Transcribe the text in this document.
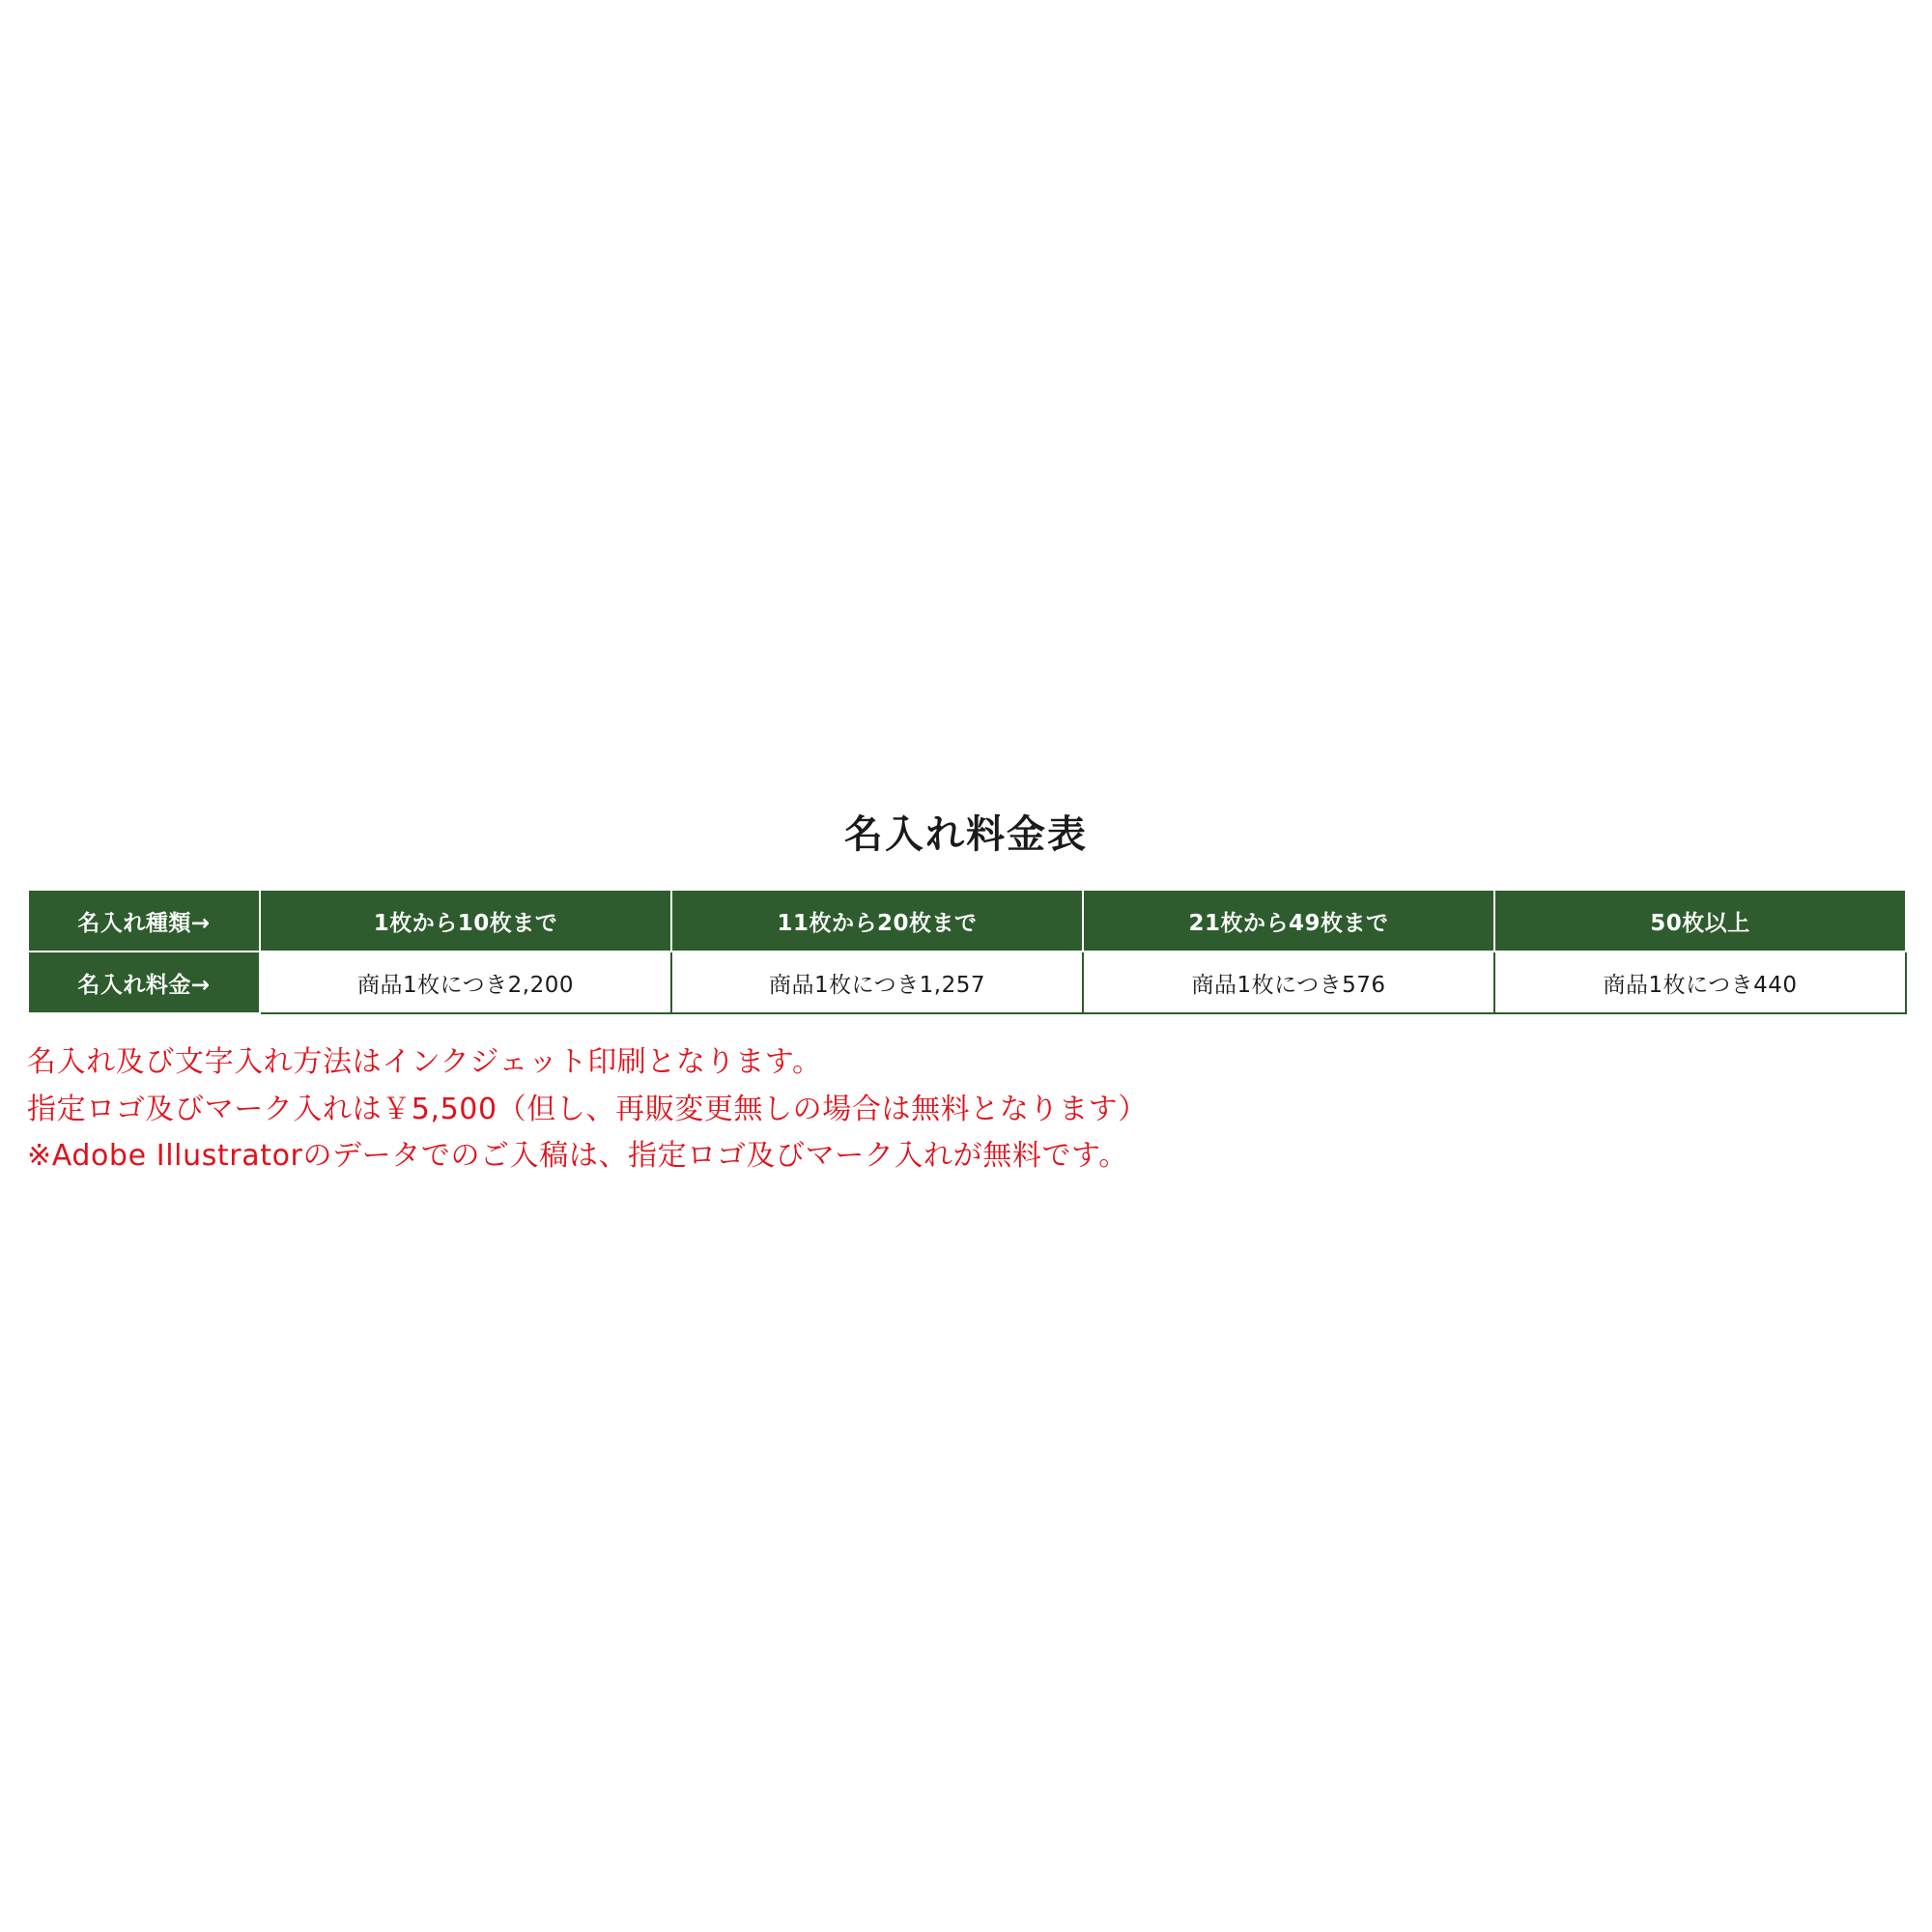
名入れ料金表
名入れ種類→	1枚から10枚まで	11枚から20枚まで	21枚から49枚まで	50枚以上
名入れ料金→	商品1枚につき2,200	商品1枚につき1,257	商品1枚につき576	商品1枚につき440
名入れ及び文字入れ方法はインクジェット印刷となります。
指定ロゴ及びマーク入れは￥5,500（但し、再販変更無しの場合は無料となります）
※Adobe Illustratorのデータでのご入稿は、指定ロゴ及びマーク入れが無料です。
